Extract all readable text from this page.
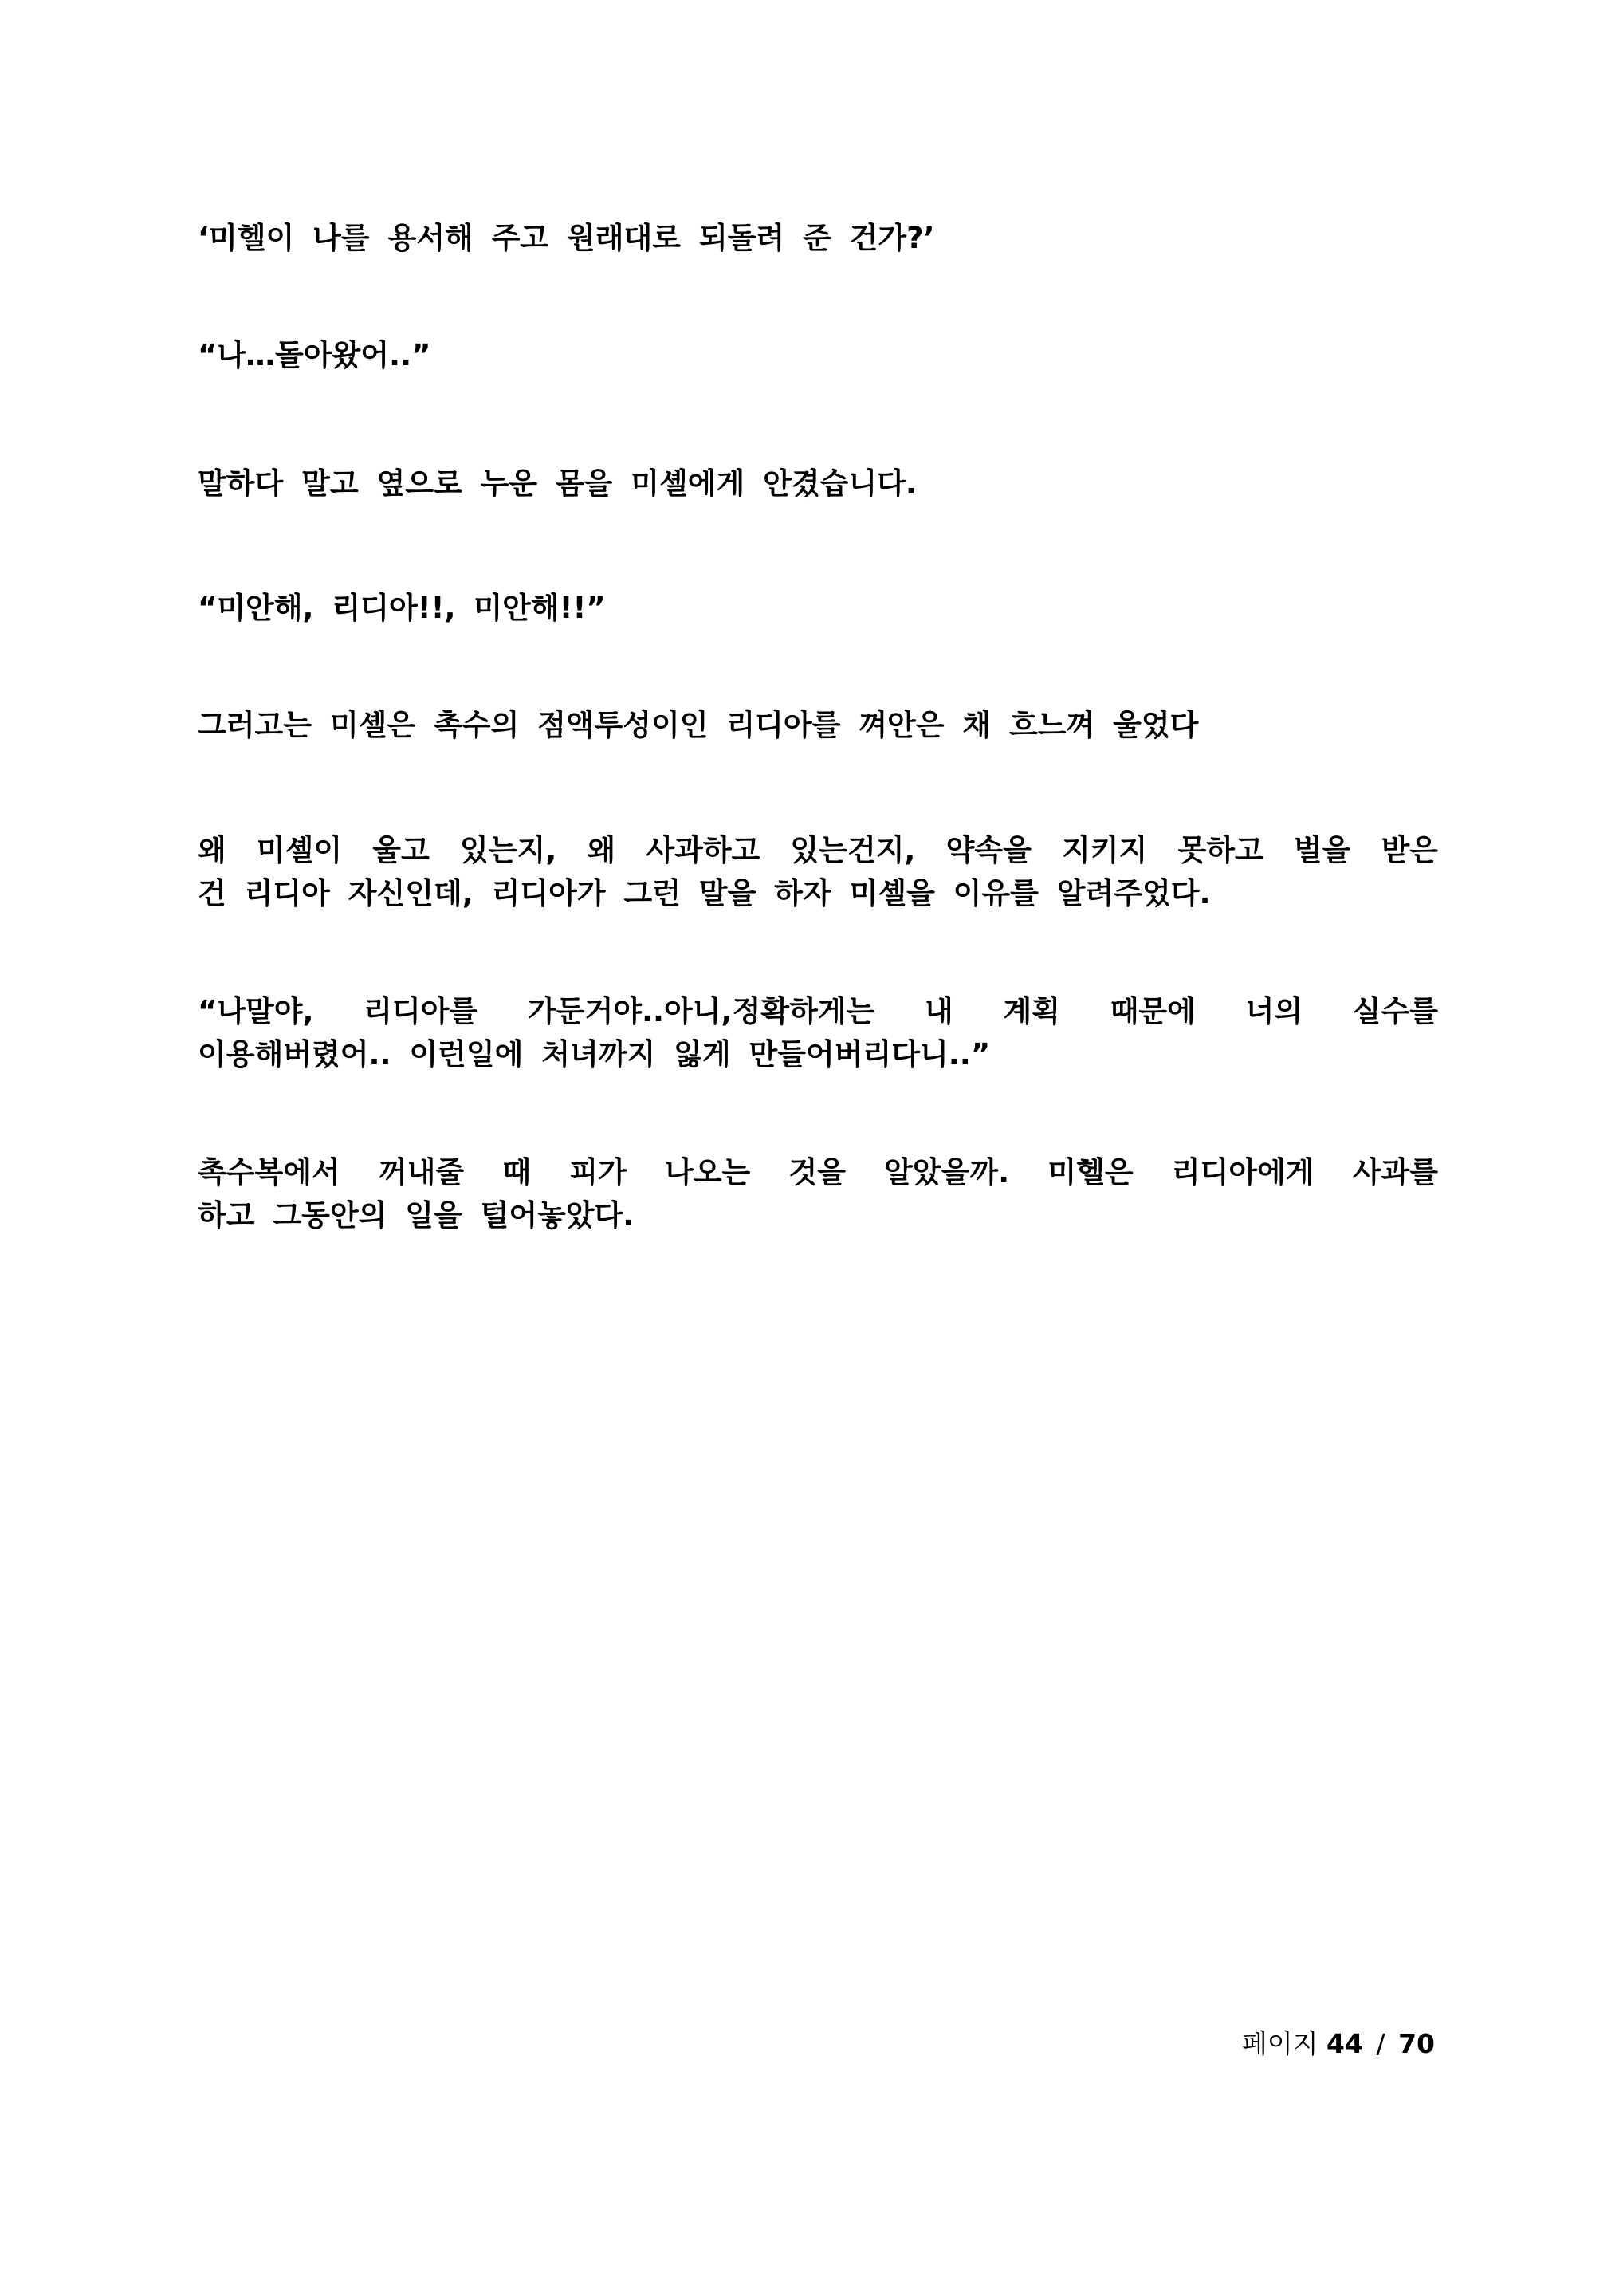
‘미헬이 나를 용서해 주고 원래대로 되돌려 준 건가?’

“나…돌아왔어..”

말하다 말고 옆으로 누운 몸을 미셸에게 안겼습니다.

“미안해, 리디아!!, 미안해!!”

그러고는 미셸은 촉수의 점액투성이인 리디아를 껴안은 채 흐느껴 울었다

왜 미셸이 울고 있는지, 왜 사과하고 있는건지, 약속을 지키지 못하고 벌을 받은
건 리디아 자신인데, 리디아가 그런 말을 하자 미셸을 이유를 알려주었다.

“나말야, 리디아를 가둔거야..아니,정확하게는 내 계획 때문에 너의 실수를
이용해버렸어.. 이런일에 처녀까지 잃게 만들어버리다니..”

촉수복에서 꺼내줄 때 피가 나오는 것을 알았을까. 미헬은 리디아에게 사과를
하고 그동안의 일을 털어놓았다.

페이지 44 / 70
